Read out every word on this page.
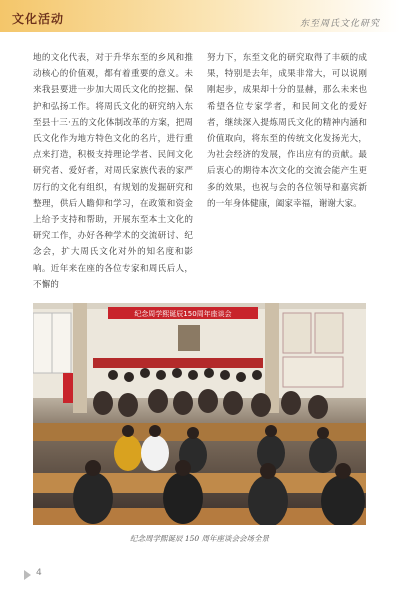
文化活动	东至周氏文化研究
地的文化代表，对于升华东至的乡风和推动核心的价值观，都有着重要的意义。未来我县要进一步加大周氏文化的挖掘、保护和弘扬工作。将周氏文化的研究纳入东至县十三·五的文化体制改革的方案，把周氏文化作为地方特色文化的名片，进行重点来打造，积极支持理论学者、民间文化研究者、爱好者，对周氏家族代表的家严厉行的文化有组织，有规划的发掘研究和整理，供后人瞻仰和学习，在政策和资金上给予支持和帮助，开展东至本土文化的研究工作，办好各种学术的交流研讨、纪念会，扩大周氏文化对外的知名度和影响。近年来在座的各位专家和周氏后人，不懈的
努力下，东至文化的研究取得了丰硕的成果，特别是去年，成果非常大，可以说刚刚起步，成果却十分的显赫，那么未来也希望各位专家学者，和民间文化的爱好者，继续深入提炼周氏文化的精神内涵和价值取向，将东至的传统文化发扬光大，为社会经济的发展，作出应有的贡献。最后衷心的期待本次文化的交流会能产生更多的效果，也祝与会的各位领导和嘉宾新的一年身体健康，阖家幸福，谢谢大家。
纪念周学熙诞辰150周年座谈会
纪念周学熙诞辰 150 周年座谈会会场全景
4
